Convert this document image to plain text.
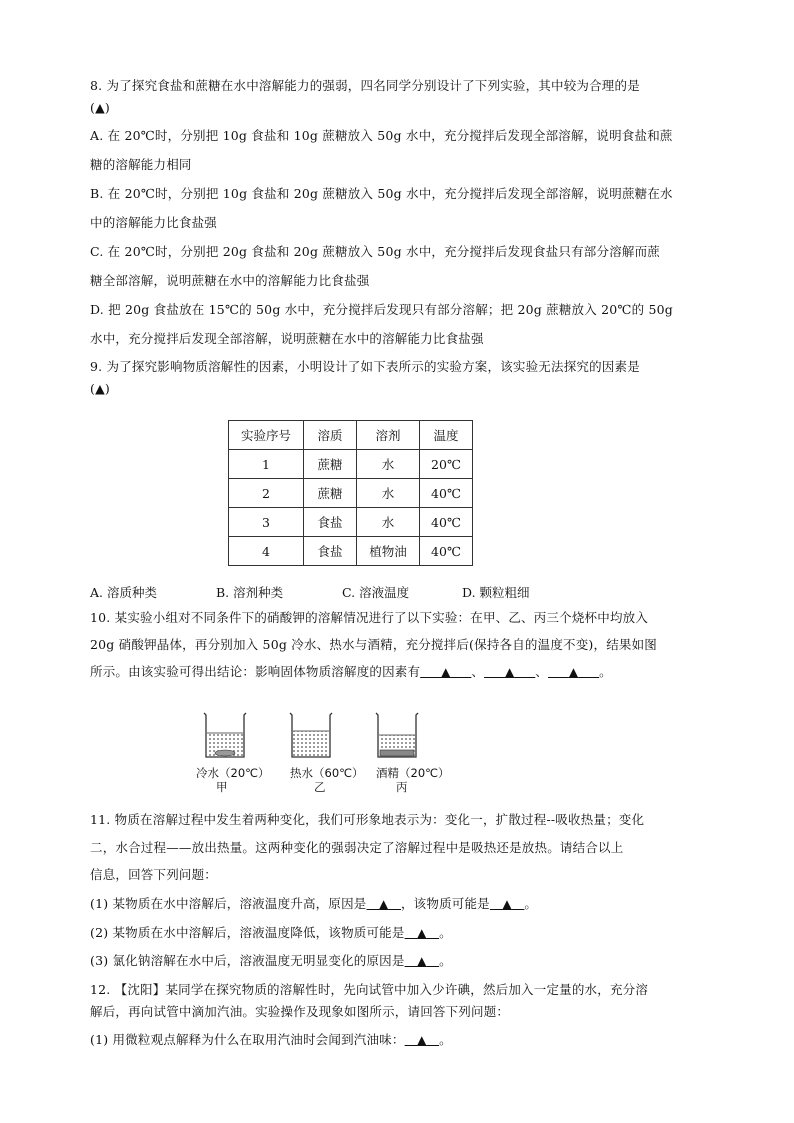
8. 为了探究食盐和蔗糖在水中溶解能力的强弱，四名同学分别设计了下列实验，其中较为合理的是
(▲)
A. 在 20℃时，分别把 10g 食盐和 10g 蔗糖放入 50g 水中，充分搅拌后发现全部溶解，说明食盐和蔗
糖的溶解能力相同
B. 在 20℃时，分别把 10g 食盐和 20g 蔗糖放入 50g 水中，充分搅拌后发现全部溶解，说明蔗糖在水
中的溶解能力比食盐强
C. 在 20℃时，分别把 20g 食盐和 20g 蔗糖放入 50g 水中，充分搅拌后发现食盐只有部分溶解而蔗
糖全部溶解，说明蔗糖在水中的溶解能力比食盐强
D. 把 20g 食盐放在 15℃的 50g 水中，充分搅拌后发现只有部分溶解；把 20g 蔗糖放入 20℃的 50g
水中，充分搅拌后发现全部溶解，说明蔗糖在水中的溶解能力比食盐强
9. 为了探究影响物质溶解性的因素，小明设计了如下表所示的实验方案，该实验无法探究的因素是
(▲)
实验序号	溶质	溶剂	温度
1	蔗糖	水	20℃
2	蔗糖	水	40℃
3	食盐	水	40℃
4	食盐	植物油	40℃
A. 溶质种类	B. 溶剂种类	C. 溶液温度	D. 颗粒粗细
10. 某实验小组对不同条件下的硝酸钾的溶解情况进行了以下实验：在甲、乙、丙三个烧杯中均放入
20g 硝酸钾晶体，再分别加入 50g 冷水、热水与酒精，充分搅拌后(保持各自的温度不变)，结果如图
所示。由该实验可得出结论：影响固体物质溶解度的因素有 ▲ 、 ▲ 、 ▲ 。
冷水（20℃）
甲
热水（60℃）
乙
酒精（20℃）
丙
11. 物质在溶解过程中发生着两种变化，我们可形象地表示为：变化一，扩散过程--吸收热量；变化
二，水合过程——放出热量。这两种变化的强弱决定了溶解过程中是吸热还是放热。请结合以上
信息，回答下列问题：
(1) 某物质在水中溶解后，溶液温度升高，原因是 ▲ ，该物质可能是 ▲ 。
(2) 某物质在水中溶解后，溶液温度降低，该物质可能是 ▲ 。
(3) 氯化钠溶解在水中后，溶液温度无明显变化的原因是 ▲ 。
12. 【沈阳】某同学在探究物质的溶解性时，先向试管中加入少许碘，然后加入一定量的水，充分溶
解后，再向试管中滴加汽油。实验操作及现象如图所示，请回答下列问题：
(1) 用微粒观点解释为什么在取用汽油时会闻到汽油味： ▲ 。
